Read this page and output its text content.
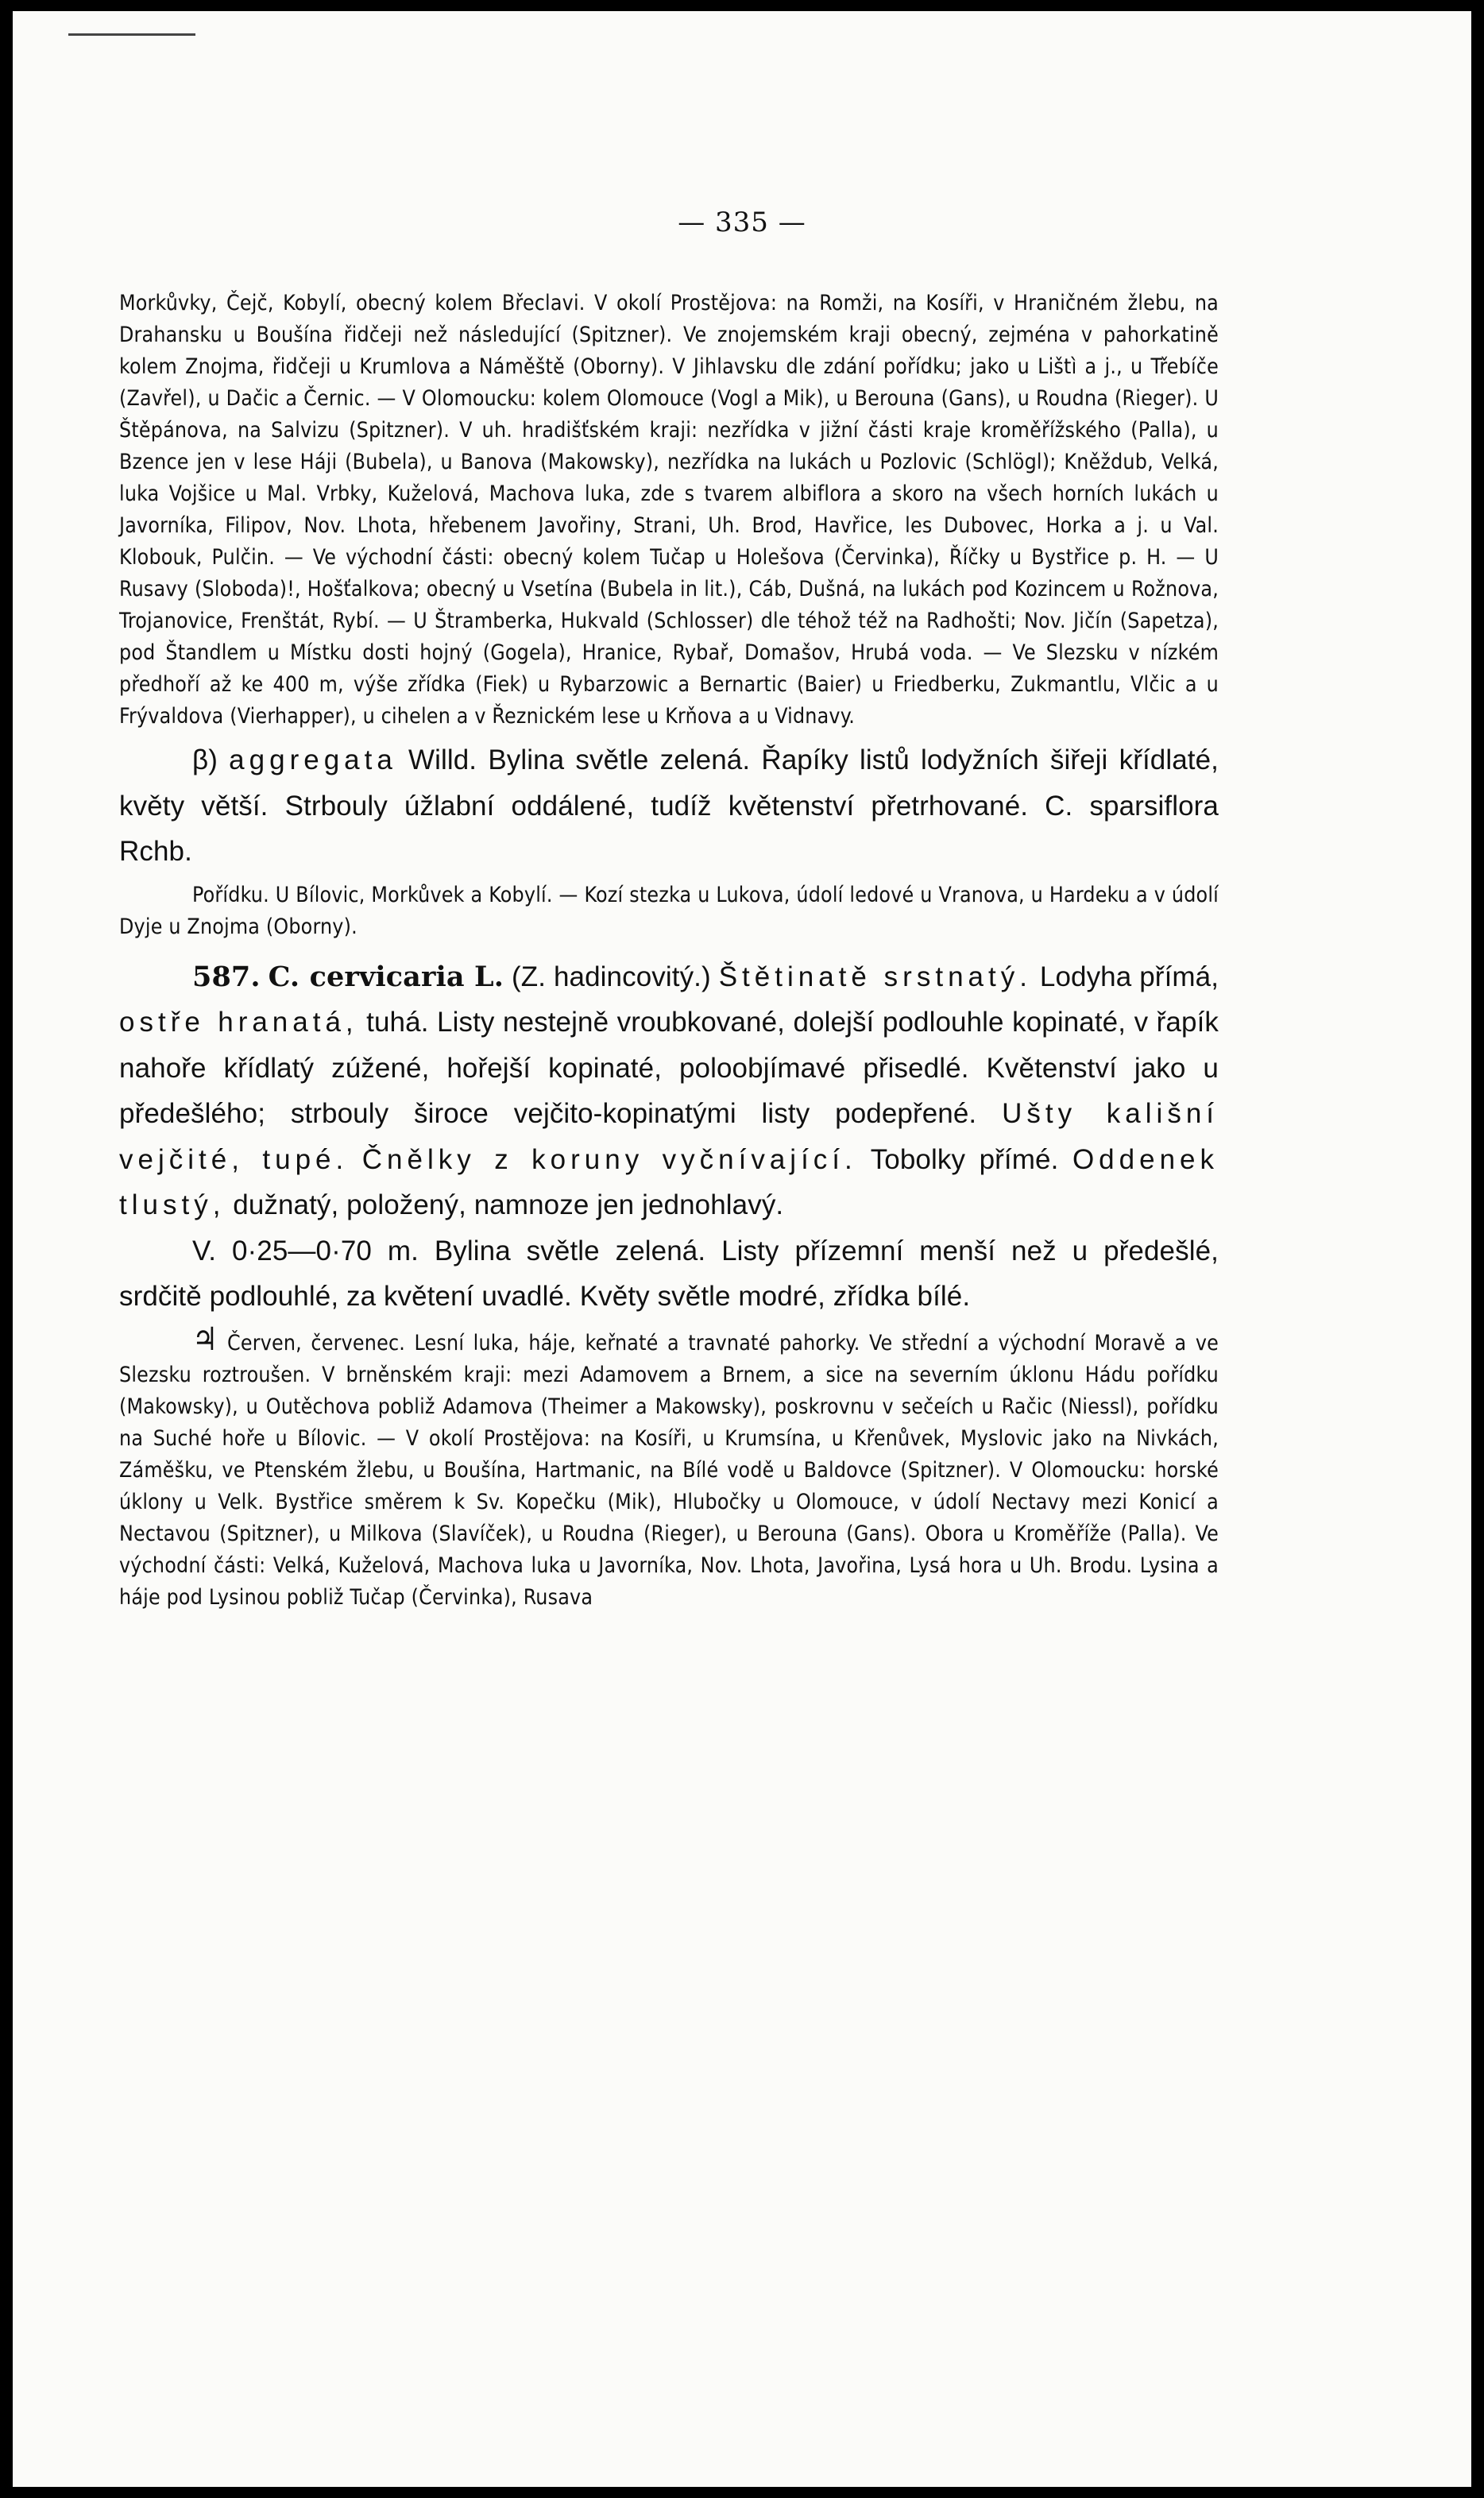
— 335 —

Morkůvky, Čejč, Kobylí, obecný kolem Břeclavi. V okolí Prostějova: na Romži, na Kosíři, v Hraničném žlebu, na Drahansku u Boušína řidčeji než následující (Spitzner). Ve znojemském kraji obecný, zejména v pahorkatině kolem Znojma, řidčeji u Krumlova a Náměště (Oborny). V Jihlavsku dle zdání pořídku; jako u Lištì a j., u Třebíče (Zavřel), u Dačic a Černic. — V Olomoucku: kolem Olomouce (Vogl a Mik), u Berouna (Gans), u Roudna (Rieger). U Štěpánova, na Salvizu (Spitzner). V uh. hradišťském kraji: nezřídka v jižní části kraje kroměřížského (Palla), u Bzence jen v lese Háji (Bubela), u Banova (Makowsky), nezřídka na lukách u Pozlovic (Schlögl); Kněždub, Velká, luka Vojšice u Mal. Vrbky, Kuželová, Machova luka, zde s tvarem albiflora a skoro na všech horních lukách u Javorníka, Filipov, Nov. Lhota, hřebenem Javořiny, Strani, Uh. Brod, Havřice, les Dubovec, Horka a j. u Val. Klobouk, Pulčin. — Ve východní části: obecný kolem Tučap u Holešova (Červinka), Říčky u Bystřice p. H. — U Rusavy (Sloboda)!, Hošťalkova; obecný u Vsetína (Bubela in lit.), Cáb, Dušná, na lukách pod Kozincem u Rožnova, Trojanovice, Frenštát, Rybí. — U Štramberka, Hukvald (Schlosser) dle téhož též na Radhošti; Nov. Jičín (Sapetza), pod Štandlem u Místku dosti hojný (Gogela), Hranice, Rybař, Domašov, Hrubá voda. — Ve Slezsku v nízkém předhoří až ke 400 m, výše zřídka (Fiek) u Rybarzowic a Bernartic (Baier) u Friedberku, Zukmantlu, Vlčic a u Frývaldova (Vierhapper), u cihelen a v Řeznickém lese u Krňova a u Vidnavy.

β) aggregata Willd. Bylina světle zelená. Řapíky listů lodyžních šiřeji křídlaté, květy větší. Strbouly úžlabní oddálené, tudíž květenství přetrhované. C. sparsiflora Rchb.

Pořídku. U Bílovic, Morkůvek a Kobylí. — Kozí stezka u Lukova, údolí ledové u Vranova, u Hardeku a v údolí Dyje u Znojma (Oborny).

587. C. cervicaria L. (Z. hadincovitý.) Štětinatě srstnatý. Lodyha přímá, ostře hranatá, tuhá. Listy nestejně vroubkované, dolejší podlouhle kopinaté, v řapík nahoře křídlatý zúžené, hořejší kopinaté, poloobjímavé přisedlé. Květenství jako u předešlého; strbouly široce vejčito-kopinatými listy podepřené. Ušty kališní vejčité, tupé. Čnělky z koruny vyčnívající. Tobolky přímé. Oddenek tlustý, dužnatý, položený, namnoze jen jednohlavý.

V. 0·25—0·70 m. Bylina světle zelená. Listy přízemní menší než u předešlé, srdčitě podlouhlé, za květení uvadlé. Květy světle modré, zřídka bílé.

♃ Červen, červenec. Lesní luka, háje, keřnaté a travnaté pahorky. Ve střední a východní Moravě a ve Slezsku roztroušen. V brněnském kraji: mezi Adamovem a Brnem, a sice na severním úklonu Hádu pořídku (Makowsky), u Outěchova pobliž Adamova (Theimer a Makowsky), poskrovnu v sečeích u Račic (Niessl), pořídku na Suché hoře u Bílovic. — V okolí Prostějova: na Kosíři, u Krumsína, u Křenůvek, Myslovic jako na Nivkách, Záměšku, ve Ptenském žlebu, u Boušína, Hartmanic, na Bílé vodě u Baldovce (Spitzner). V Olomoucku: horské úklony u Velk. Bystřice směrem k Sv. Kopečku (Mik), Hlubočky u Olomouce, v údolí Nectavy mezi Konicí a Nectavou (Spitzner), u Milkova (Slavíček), u Roudna (Rieger), u Berouna (Gans). Obora u Kroměříže (Palla). Ve východní části: Velká, Kuželová, Machova luka u Javorníka, Nov. Lhota, Javořina, Lysá hora u Uh. Brodu. Lysina a háje pod Lysinou pobliž Tučap (Červinka), Rusava
